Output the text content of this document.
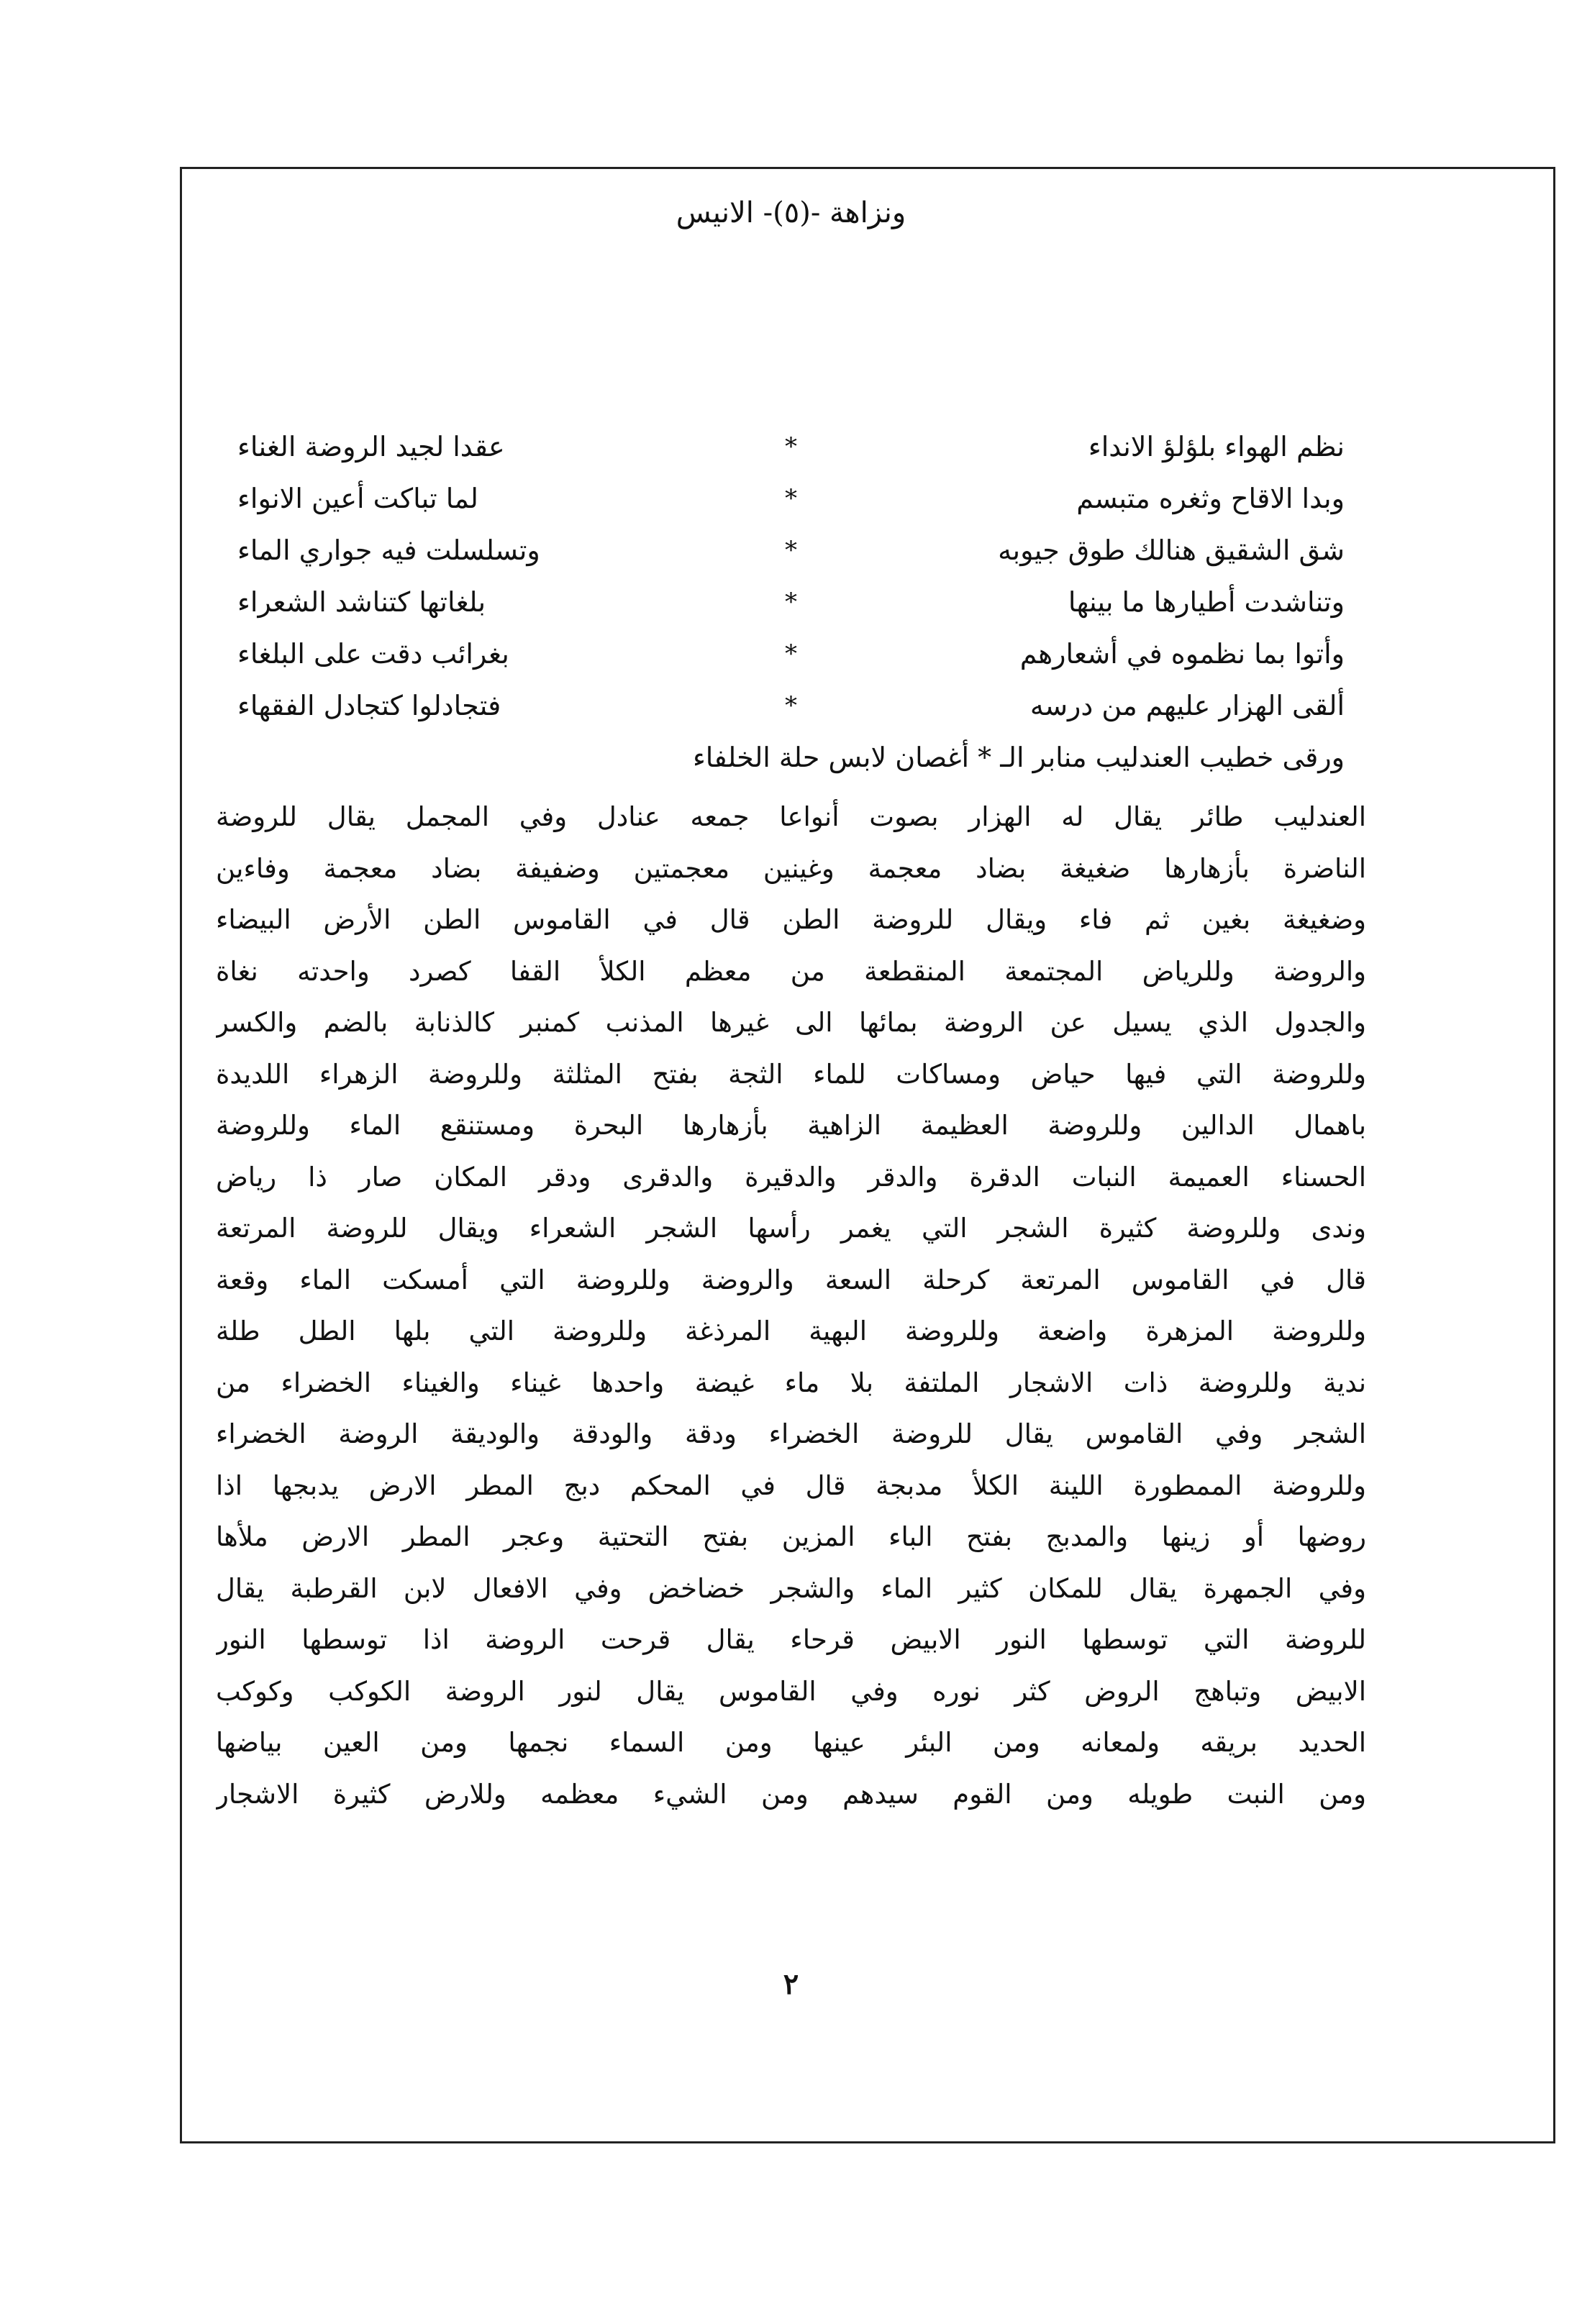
ونزاهة -(٥)- الانيس
نظم الهواء بلؤلؤ الانداء
*
عقدا لجيد الروضة الغناء
وبدا الاقاح وثغره متبسم
*
لما تباكت أعين الانواء
شق الشقيق هنالك طوق جيوبه
*
وتسلسلت فيه جواري الماء
وتناشدت أطيارها ما بينها
*
بلغاتها كتناشد الشعراء
وأتوا بما نظموه في أشعارهم
*
بغرائب دقت على البلغاء
ألقى الهزار عليهم من درسه
*
فتجادلوا كتجادل الفقهاء
ورقى خطيب العندليب منابر الـ * أغصان لابس حلة الخلفاء
العندليب طائر يقال له الهزار بصوت أنواعا جمعه عنادل وفي المجمل يقال للروضة
الناضرة بأزهارها ضغيغة بضاد معجمة وغينين معجمتين وضفيفة بضاد معجمة وفاءين
وضغيغة بغين ثم فاء ويقال للروضة الطن قال في القاموس الطن الأرض البيضاء
والروضة وللرياض المجتمعة المنقطعة من معظم الكلأ القفا كصرد واحدته نغاة
والجدول الذي يسيل عن الروضة بمائها الى غيرها المذنب كمنبر كالذنابة بالضم والكسر
وللروضة التي فيها حياض ومساكات للماء الثجة بفتح المثلثة وللروضة الزهراء اللديدة
باهمال الدالين وللروضة العظيمة الزاهية بأزهارها البحرة ومستنقع الماء وللروضة
الحسناء العميمة النبات الدقرة والدقر والدقيرة والدقرى ودقر المكان صار ذا رياض
وندى وللروضة كثيرة الشجر التي يغمر رأسها الشجر الشعراء ويقال للروضة المرتعة
قال في القاموس المرتعة كرحلة السعة والروضة وللروضة التي أمسكت الماء وقعة
وللروضة المزهرة واضعة وللروضة البهية المرذغة وللروضة التي بلها الطل طلة
ندية وللروضة ذات الاشجار الملتفة بلا ماء غيضة واحدها غيناء والغيناء الخضراء من
الشجر وفي القاموس يقال للروضة الخضراء ودقة والودقة والوديقة الروضة الخضراء
وللروضة الممطورة اللينة الكلأ مدبجة قال في المحكم دبج المطر الارض يدبجها اذا
روضها أو زينها والمدبج بفتح الباء المزين بفتح التحتية وعجر المطر الارض ملأها
وفي الجمهرة يقال للمكان كثير الماء والشجر خضاخض وفي الافعال لابن القرطبة يقال
للروضة التي توسطها النور الابيض قرحاء يقال قرحت الروضة اذا توسطها النور
الابيض وتباهج الروض كثر نوره وفي القاموس يقال لنور الروضة الكوكب وكوكب
الحديد بريقه ولمعانه ومن البئر عينها ومن السماء نجمها ومن العين بياضها
ومن النبت طويله ومن القوم سيدهم ومن الشيء معظمه وللارض كثيرة الاشجار
٢
